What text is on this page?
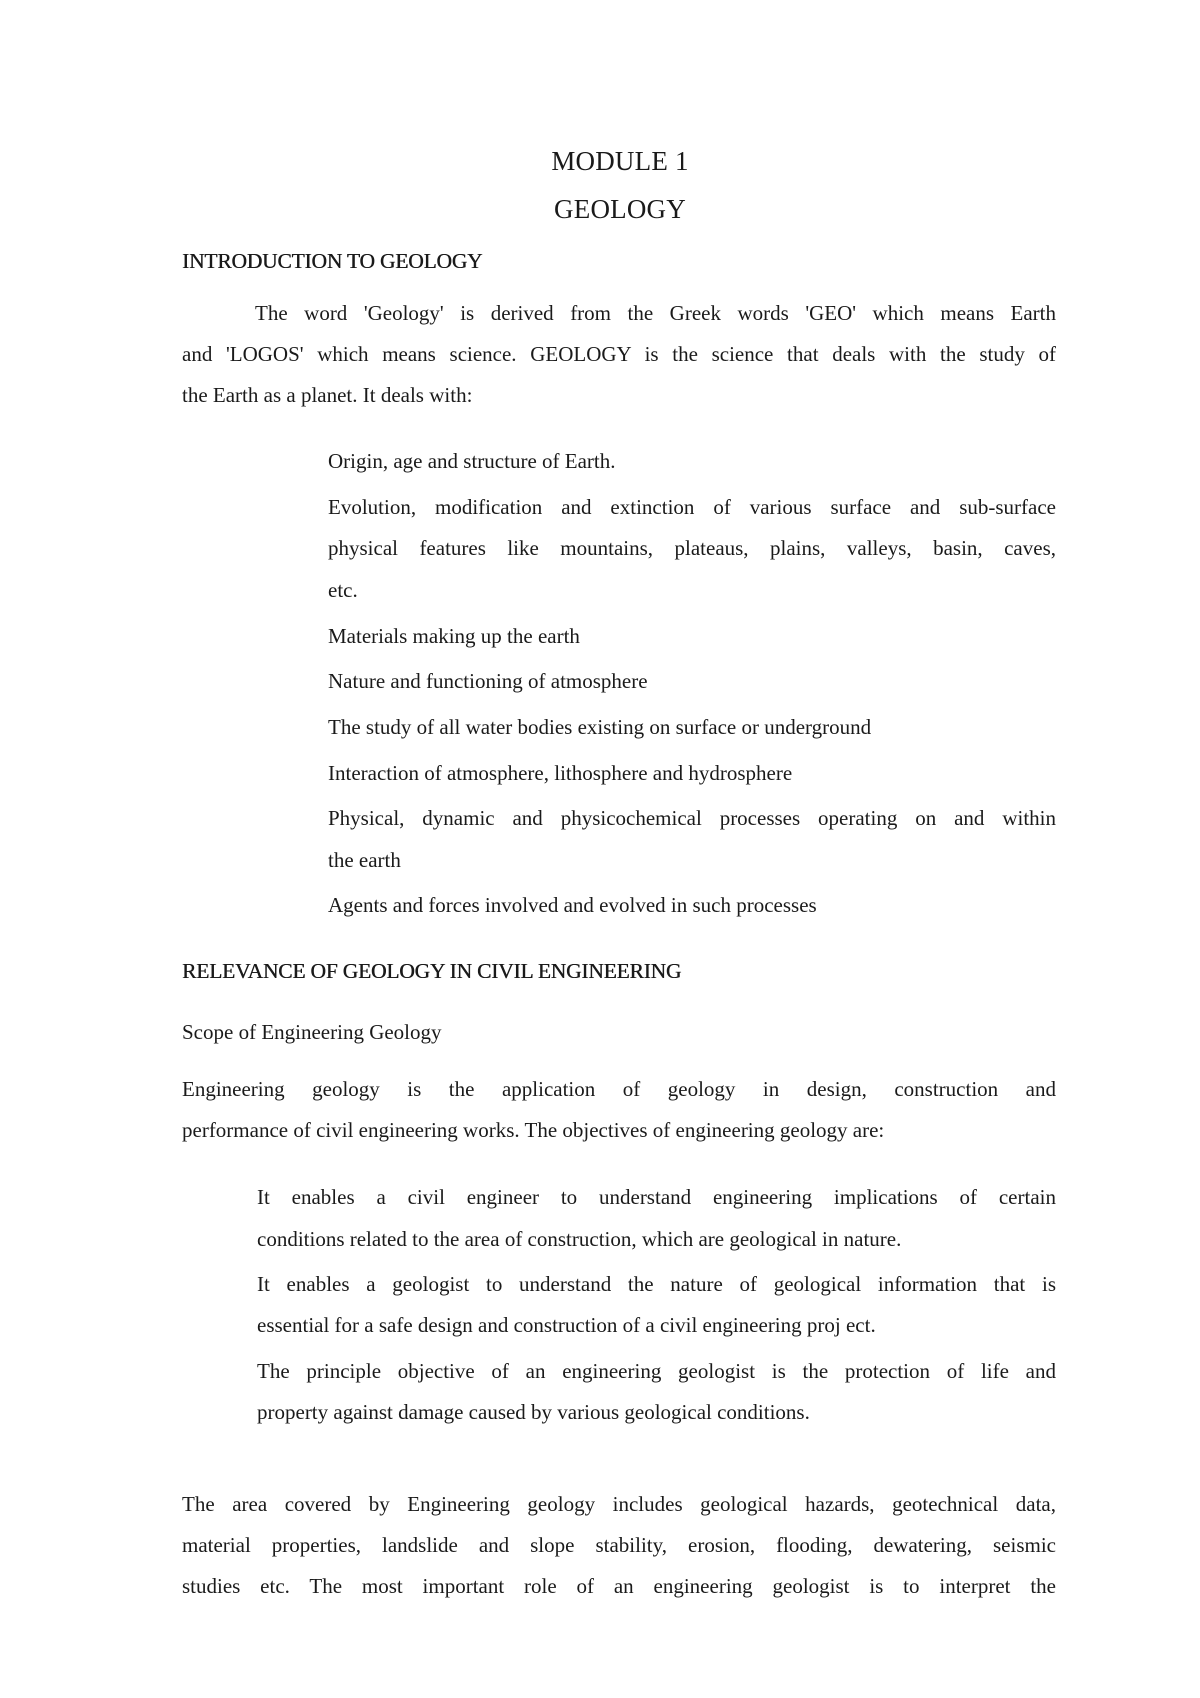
MODULE 1
GEOLOGY
INTRODUCTION TO GEOLOGY
The word 'Geology' is derived from the Greek words 'GEO' which means Earth
and 'LOGOS' which means science. GEOLOGY is the science that deals with the study of
the Earth as a planet. It deals with:
Origin, age and structure of Earth.
Evolution, modification and extinction of various surface and sub-surface
physical features like mountains, plateaus, plains, valleys, basin, caves,
etc.
Materials making up the earth
Nature and functioning of atmosphere
The study of all water bodies existing on surface or underground
Interaction of atmosphere, lithosphere and hydrosphere
Physical, dynamic and physicochemical processes operating on and within
the earth
Agents and forces involved and evolved in such processes
RELEVANCE OF GEOLOGY IN CIVIL ENGINEERING
Scope of Engineering Geology
Engineering geology is the application of geology in design, construction and
performance of civil engineering works. The objectives of engineering geology are:
It enables a civil engineer to understand engineering implications of certain
conditions related to the area of construction, which are geological in nature.
It enables a geologist to understand the nature of geological information that is
essential for a safe design and construction of a civil engineering proj ect.
The principle objective of an engineering geologist is the protection of life and
property against damage caused by various geological conditions.
The area covered by Engineering geology includes geological hazards, geotechnical data,
material properties, landslide and slope stability, erosion, flooding, dewatering, seismic
studies etc. The most important role of an engineering geologist is to interpret the
